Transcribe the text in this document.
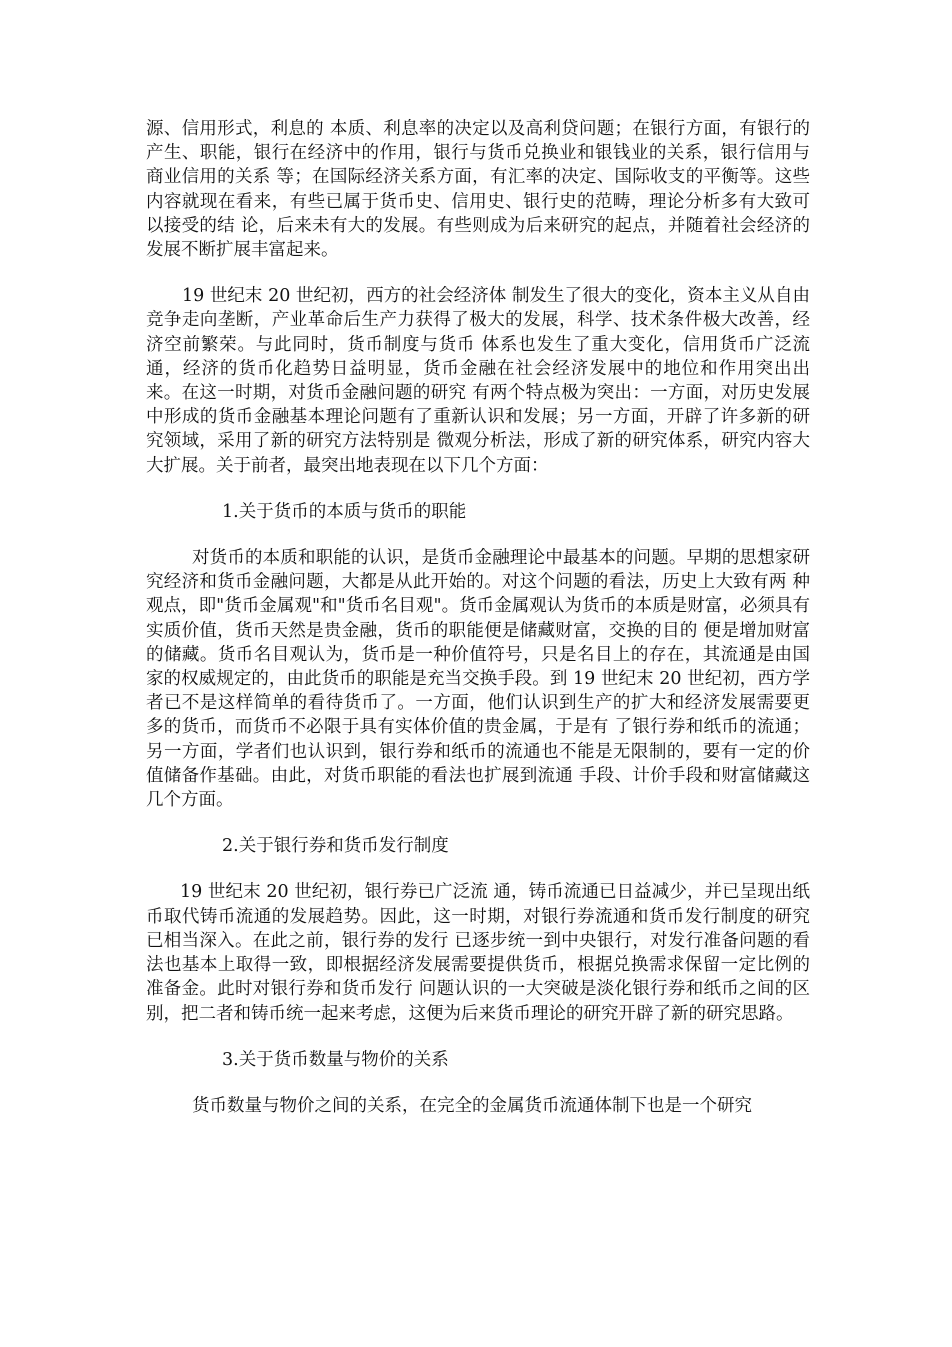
源、信用形式，利息的 本质、利息率的决定以及高利贷问题；在银行方面，有银行的产生、职能，银行在经济中的作用，银行与货币兑换业和银钱业的关系，银行信用与商业信用的关系 等；在国际经济关系方面，有汇率的决定、国际收支的平衡等。这些内容就现在看来，有些已属于货币史、信用史、银行史的范畴，理论分析多有大致可以接受的结 论，后来未有大的发展。有些则成为后来研究的起点，并随着社会经济的发展不断扩展丰富起来。

19 世纪末 20 世纪初，西方的社会经济体 制发生了很大的变化，资本主义从自由竞争走向垄断，产业革命后生产力获得了极大的发展，科学、技术条件极大改善，经济空前繁荣。与此同时，货币制度与货币 体系也发生了重大变化，信用货币广泛流通，经济的货币化趋势日益明显，货币金融在社会经济发展中的地位和作用突出出来。在这一时期，对货币金融问题的研究 有两个特点极为突出：一方面，对历史发展中形成的货币金融基本理论问题有了重新认识和发展；另一方面，开辟了许多新的研究领域，采用了新的研究方法特别是 微观分析法，形成了新的研究体系，研究内容大大扩展。关于前者，最突出地表现在以下几个方面：

1.关于货币的本质与货币的职能

对货币的本质和职能的认识，是货币金融理论中最基本的问题。早期的思想家研究经济和货币金融问题，大都是从此开始的。对这个问题的看法，历史上大致有两 种观点，即"货币金属观"和"货币名目观"。货币金属观认为货币的本质是财富，必须具有实质价值，货币天然是贵金融，货币的职能便是储藏财富，交换的目的 便是增加财富的储藏。货币名目观认为，货币是一种价值符号，只是名目上的存在，其流通是由国家的权威规定的，由此货币的职能是充当交换手段。到 19 世纪末 20 世纪初，西方学者已不是这样简单的看待货币了。一方面，他们认识到生产的扩大和经济发展需要更多的货币，而货币不必限于具有实体价值的贵金属，于是有 了银行券和纸币的流通；另一方面，学者们也认识到，银行券和纸币的流通也不能是无限制的，要有一定的价值储备作基础。由此，对货币职能的看法也扩展到流通 手段、计价手段和财富储藏这几个方面。

2.关于银行券和货币发行制度

19 世纪末 20 世纪初，银行券已广泛流 通，铸币流通已日益减少，并已呈现出纸币取代铸币流通的发展趋势。因此，这一时期，对银行券流通和货币发行制度的研究已相当深入。在此之前，银行券的发行 已逐步统一到中央银行，对发行准备问题的看法也基本上取得一致，即根据经济发展需要提供货币，根据兑换需求保留一定比例的准备金。此时对银行券和货币发行 问题认识的一大突破是淡化银行券和纸币之间的区别，把二者和铸币统一起来考虑，这便为后来货币理论的研究开辟了新的研究思路。

3.关于货币数量与物价的关系

货币数量与物价之间的关系，在完全的金属货币流通体制下也是一个研究
